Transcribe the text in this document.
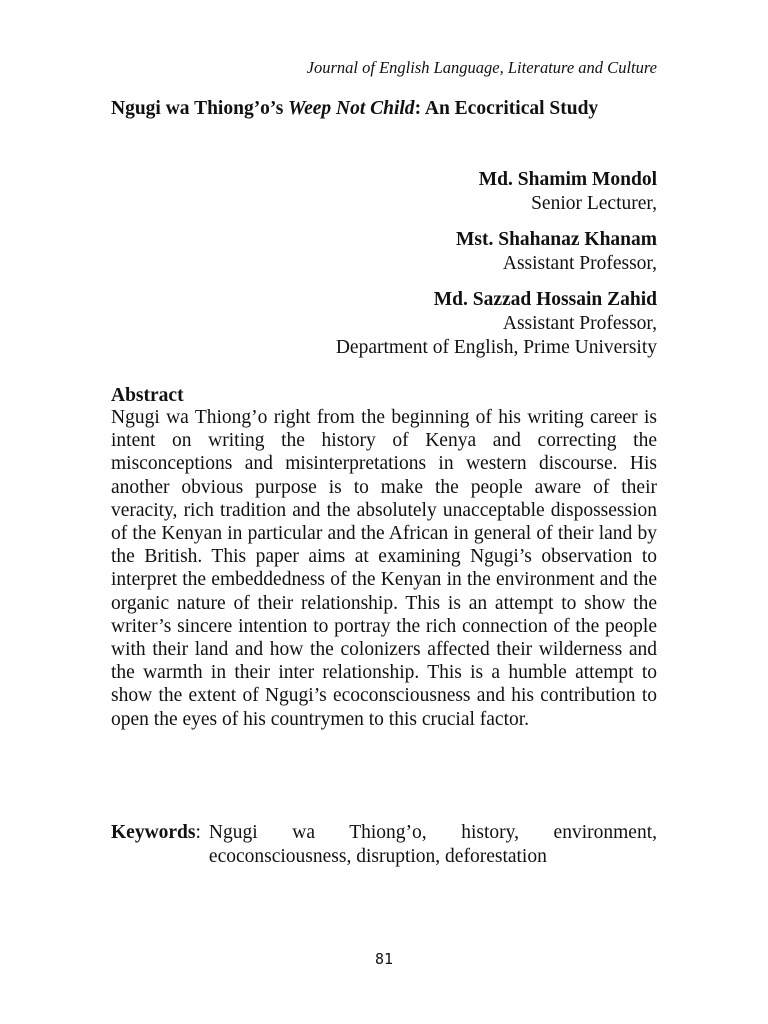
Journal of English Language, Literature and Culture
Ngugi wa Thiong’o’s Weep Not Child: An Ecocritical Study
Md. Shamim Mondol
Senior Lecturer,
Mst. Shahanaz Khanam
Assistant Professor,
Md. Sazzad Hossain Zahid
Assistant Professor,
Department of English, Prime University
Abstract
Ngugi wa Thiong’o right from the beginning of his writing career is intent on writing the history of Kenya and correcting the misconceptions and misinterpretations in western discourse. His another obvious purpose is to make the people aware of their veracity, rich tradition and the absolutely unacceptable dispossession of the Kenyan in particular and the African in general of their land by the British. This paper aims at examining Ngugi’s observation to interpret the embeddedness of the Kenyan in the environment and the organic nature of their relationship. This is an attempt to show the writer’s sincere intention to portray the rich connection of the people with their land and how the colonizers affected their wilderness and the warmth in their inter relationship. This is a humble attempt to show the extent of Ngugi’s ecoconsciousness and his contribution to open the eyes of his countrymen to this crucial factor.
Keywords: Ngugi wa Thiong’o, history, environment,
ecoconsciousness, disruption, deforestation
81
